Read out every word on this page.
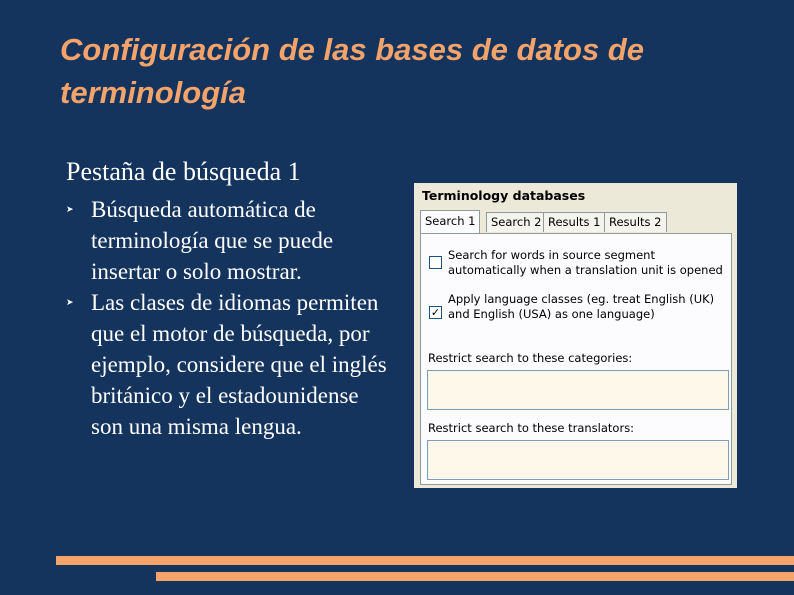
Configuración de las bases de datos de terminología
Pestaña de búsqueda 1
➤ Búsqueda automática de terminología que se puede insertar o solo mostrar.
➤ Las clases de idiomas permiten que el motor de búsqueda, por ejemplo, considere que el inglés británico y el estadounidense son una misma lengua.
Terminology databases
Search 1	Search 2 Results 1 Results 2
Search for words in source segment automatically when a translation unit is opened
✓
Apply language classes (eg. treat English (UK) and English (USA) as one language)
Restrict search to these categories:
Restrict search to these translators:
